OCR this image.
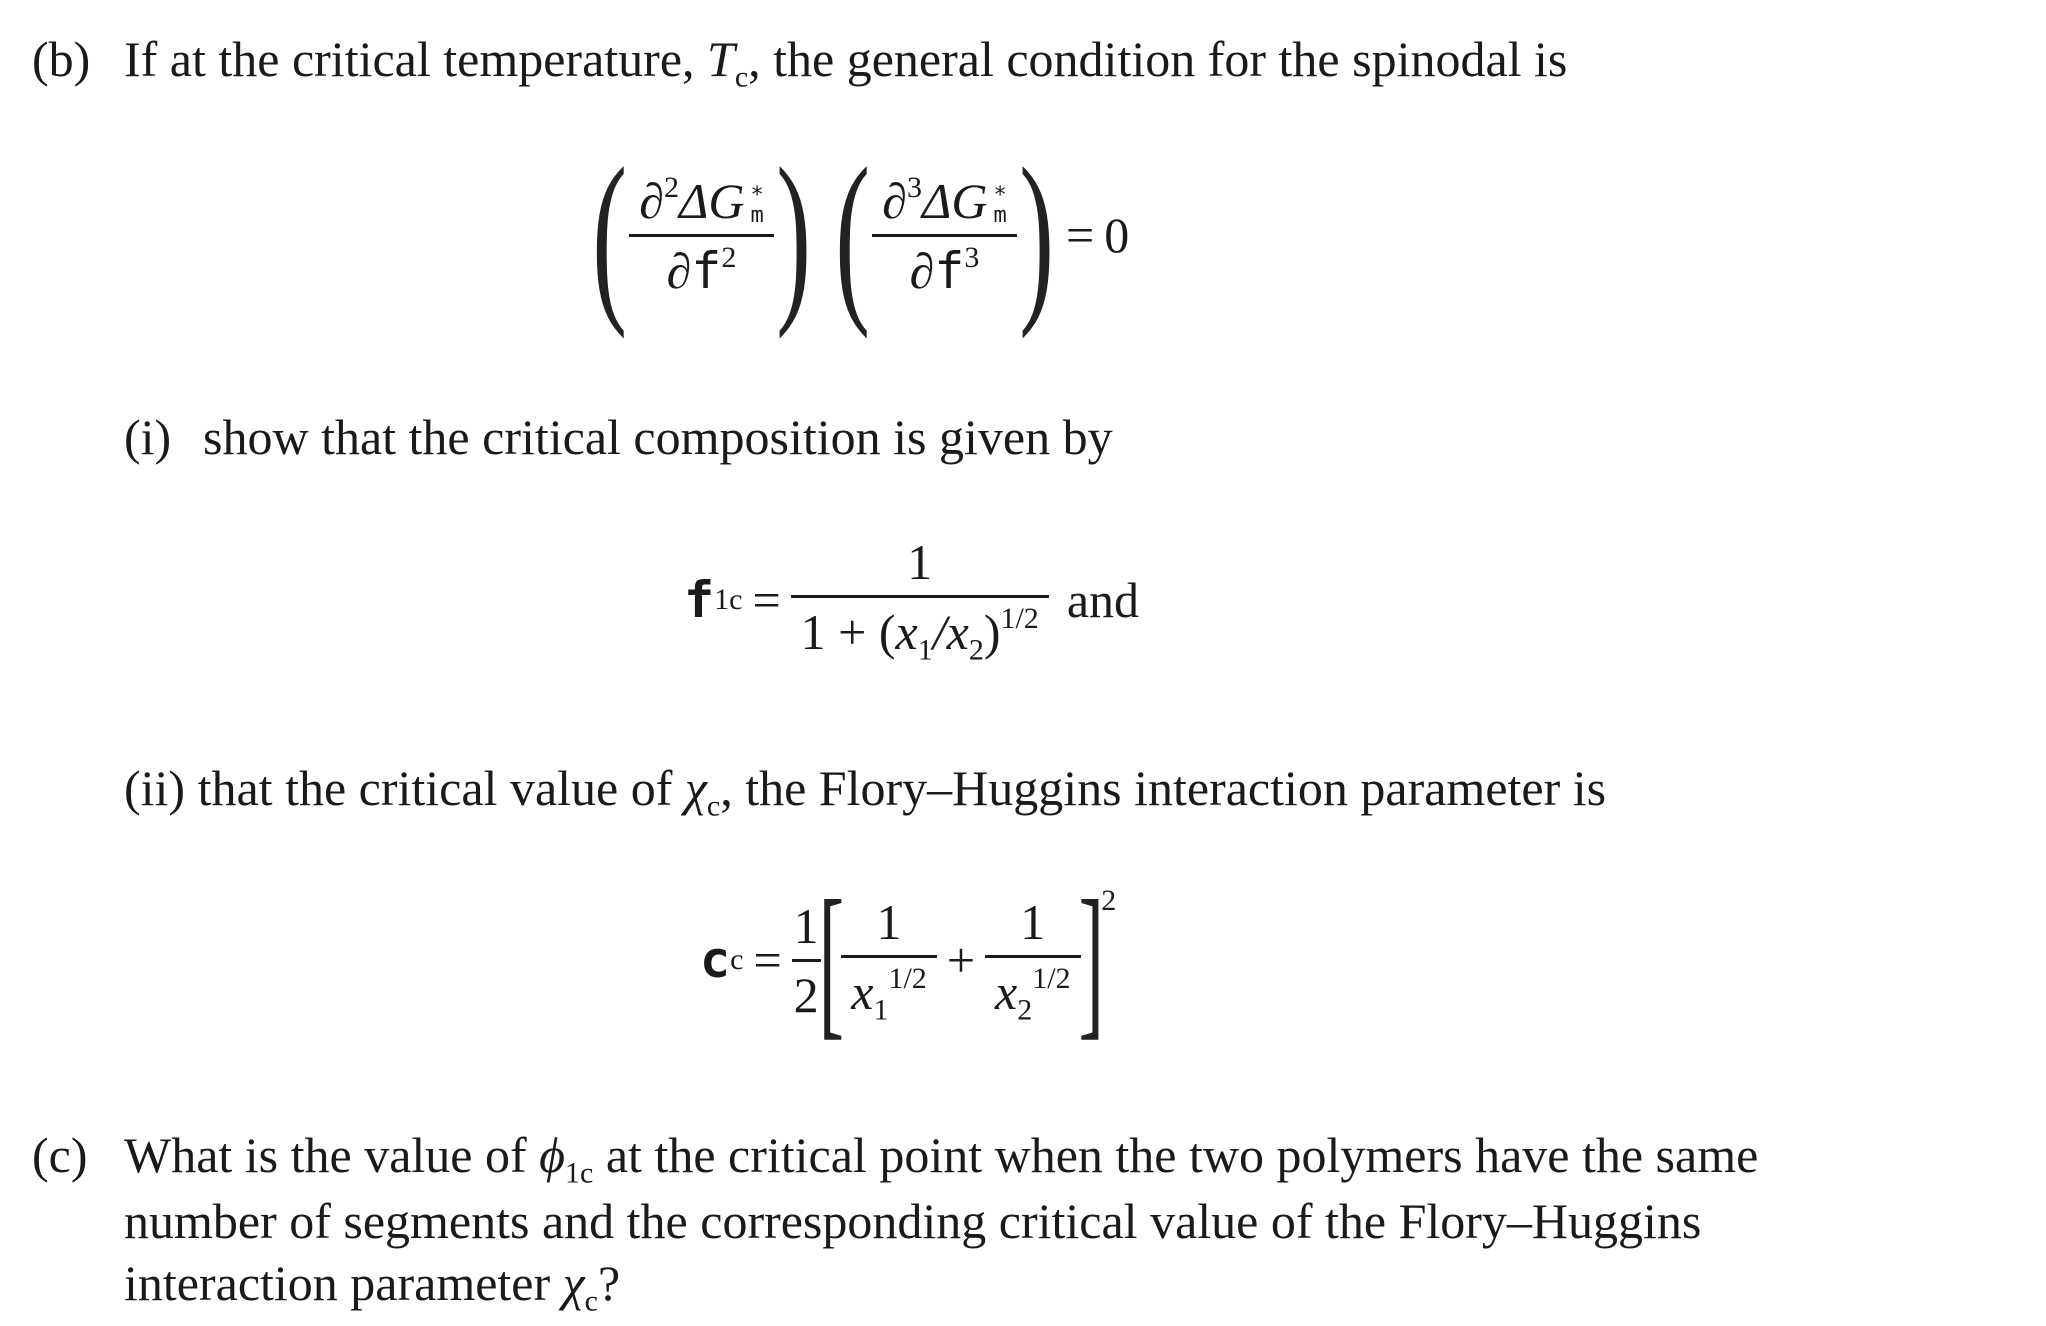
(b) If at the critical temperature, $T_c$, the general condition for the spinodal is
( ∂$^2$ΔG *
m
$\partial f^2$ ) ( ∂$^3$ΔG *
m
$\partial f^3$ ) = 0
(i) show that the critical composition is given by
f $1c = \frac{1}{1 + (x_1/x_2)^{1/2}}$ and
(ii) that the critical value of $\chi_c$, the Flory–Huggins interaction parameter is
c $c = \frac{1}{2}$
[
$\frac{1}{x_1^{1/2}} + \frac{1}{x_2^{1/2}}$
]
2
(c) What is the value of $\phi_{1c}$ at the critical point when the two polymers have the same
number of segments and the corresponding critical value of the Flory–Huggins
interaction parameter $\chi_c$?
